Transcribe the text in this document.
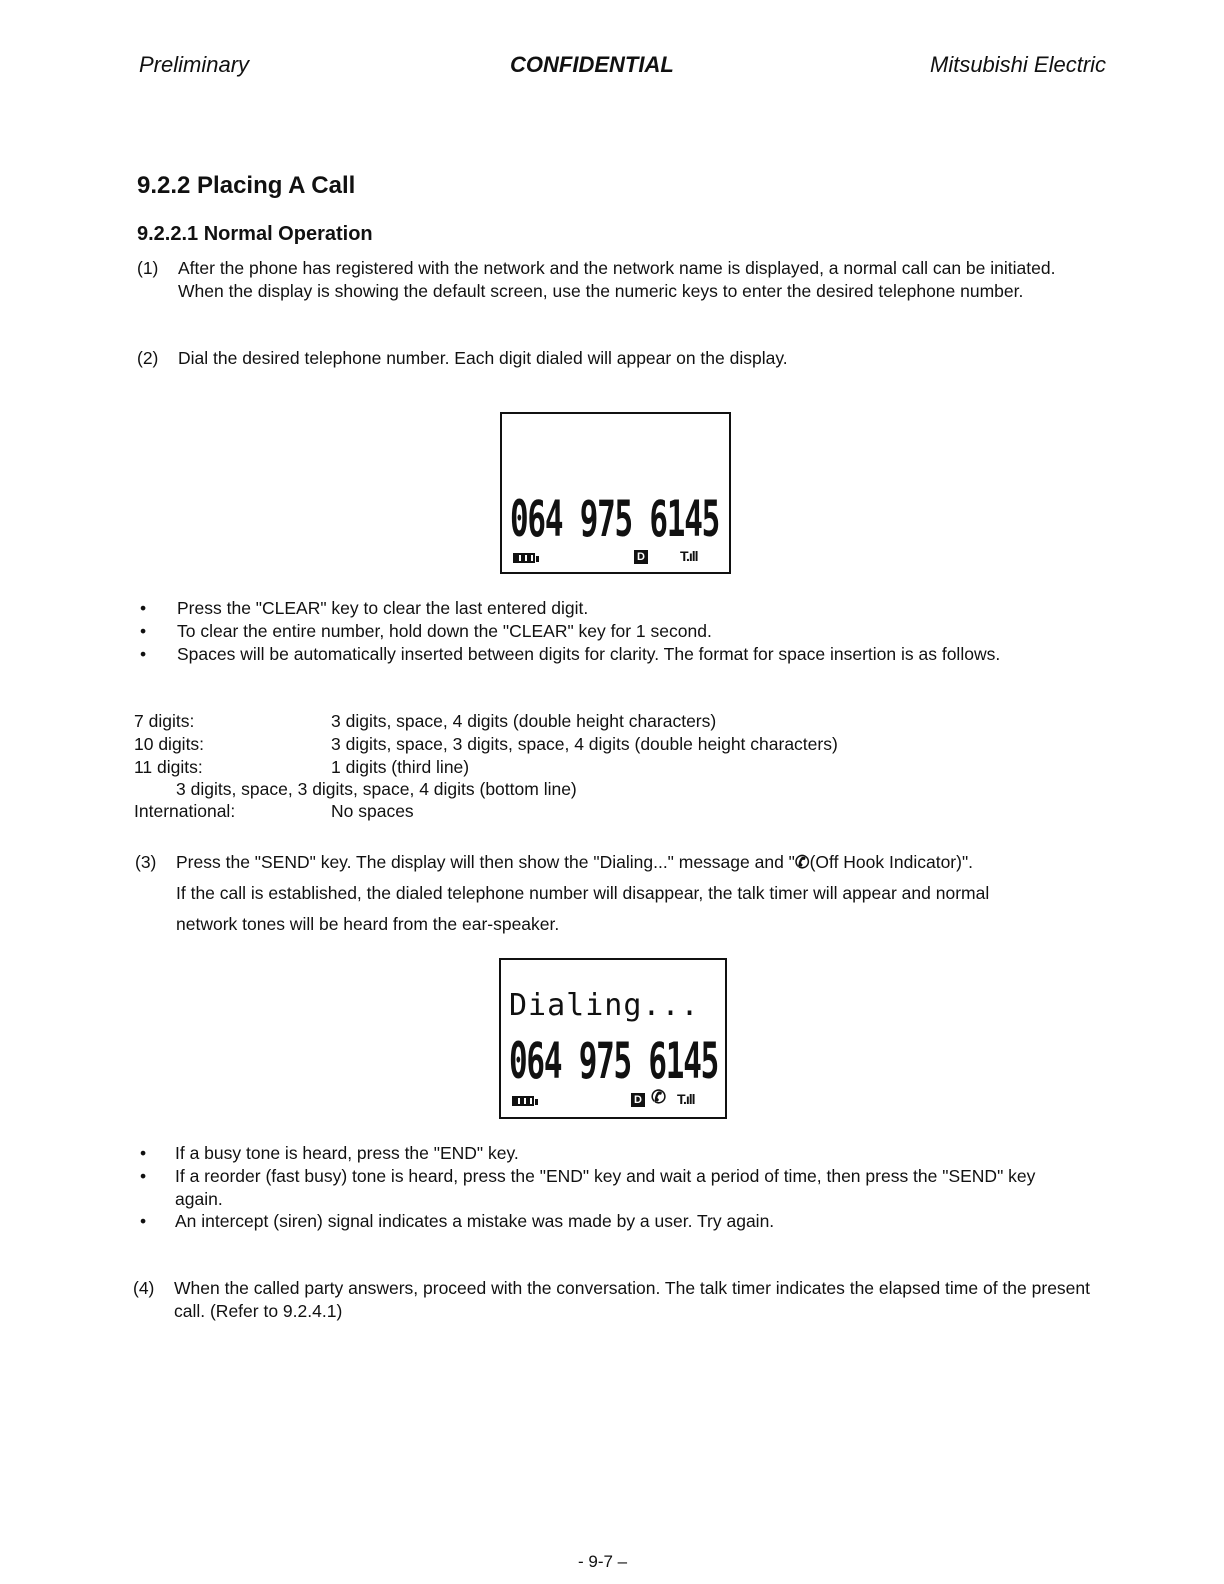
Preliminary	CONFIDENTIAL	Mitsubishi Electric
9.2.2 Placing A Call
9.2.2.1 Normal Operation
(1) After the phone has registered with the network and the network name is displayed, a normal call can be initiated. When the display is showing the default screen, use the numeric keys to enter the desired telephone number.
(2) Dial the desired telephone number. Each digit dialed will appear on the display.
064 975 6145
D	T.ıll
• Press the "CLEAR" key to clear the last entered digit.
• To clear the entire number, hold down the "CLEAR" key for 1 second.
• Spaces will be automatically inserted between digits for clarity. The format for space insertion is as follows.
7 digits:	3 digits, space, 4 digits (double height characters)
10 digits:	3 digits, space, 3 digits, space, 4 digits (double height characters)
11 digits:	1 digits (third line)
3 digits, space, 3 digits, space, 4 digits (bottom line)
International:	No spaces
(3) Press the "SEND" key. The display will then show the "Dialing..." message and "✆(Off Hook Indicator)".
If the call is established, the dialed telephone number will disappear, the talk timer will appear and normal
network tones will be heard from the ear-speaker.
Dialing...
064 975 6145
D ✆ T.ıll
• If a busy tone is heard, press the "END" key.
• If a reorder (fast busy) tone is heard, press the "END" key and wait a period of time, then press the "SEND" key again.
• An intercept (siren) signal indicates a mistake was made by a user. Try again.
(4) When the called party answers, proceed with the conversation. The talk timer indicates the elapsed time of the present call. (Refer to 9.2.4.1)
- 9-7 –
